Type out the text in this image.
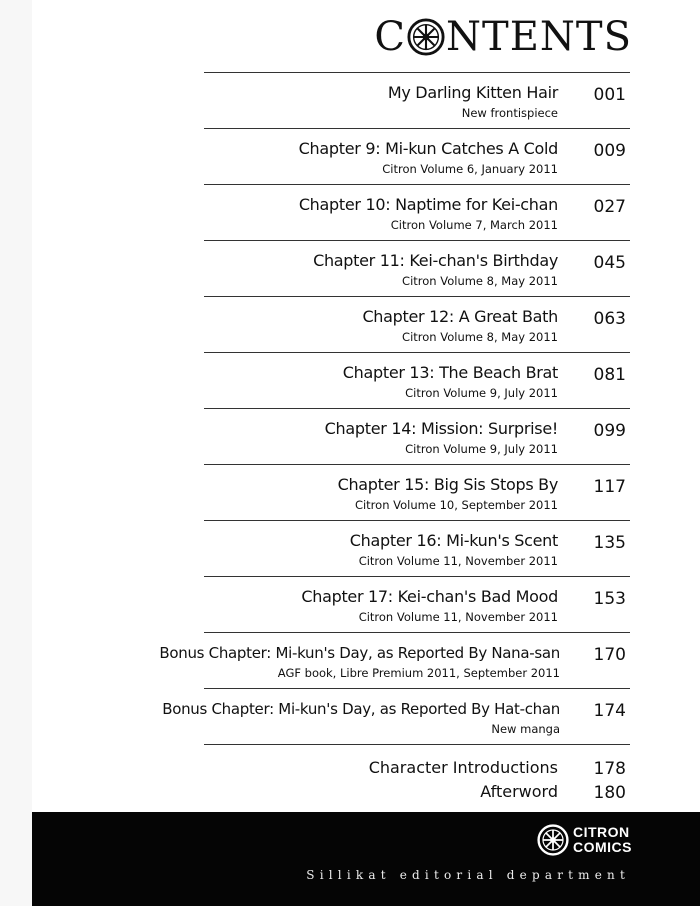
C NTENTS
My Darling Kitten Hair
New frontispiece
001
Chapter 9: Mi-kun Catches A Cold
Citron Volume 6, January 2011
009
Chapter 10: Naptime for Kei-chan
Citron Volume 7, March 2011
027
Chapter 11: Kei-chan's Birthday
Citron Volume 8, May 2011
045
Chapter 12: A Great Bath
Citron Volume 8, May 2011
063
Chapter 13: The Beach Brat
Citron Volume 9, July 2011
081
Chapter 14: Mission: Surprise!
Citron Volume 9, July 2011
099
Chapter 15: Big Sis Stops By
Citron Volume 10, September 2011
117
Chapter 16: Mi-kun's Scent
Citron Volume 11, November 2011
135
Chapter 17: Kei-chan's Bad Mood
Citron Volume 11, November 2011
153
Bonus Chapter: Mi-kun's Day, as Reported By Nana-san
AGF book, Libre Premium 2011, September 2011
170
Bonus Chapter: Mi-kun's Day, as Reported By Hat-chan
New manga
174
Character Introductions	178
Afterword	180
CITRON
COMICS
Sillikat editorial department
